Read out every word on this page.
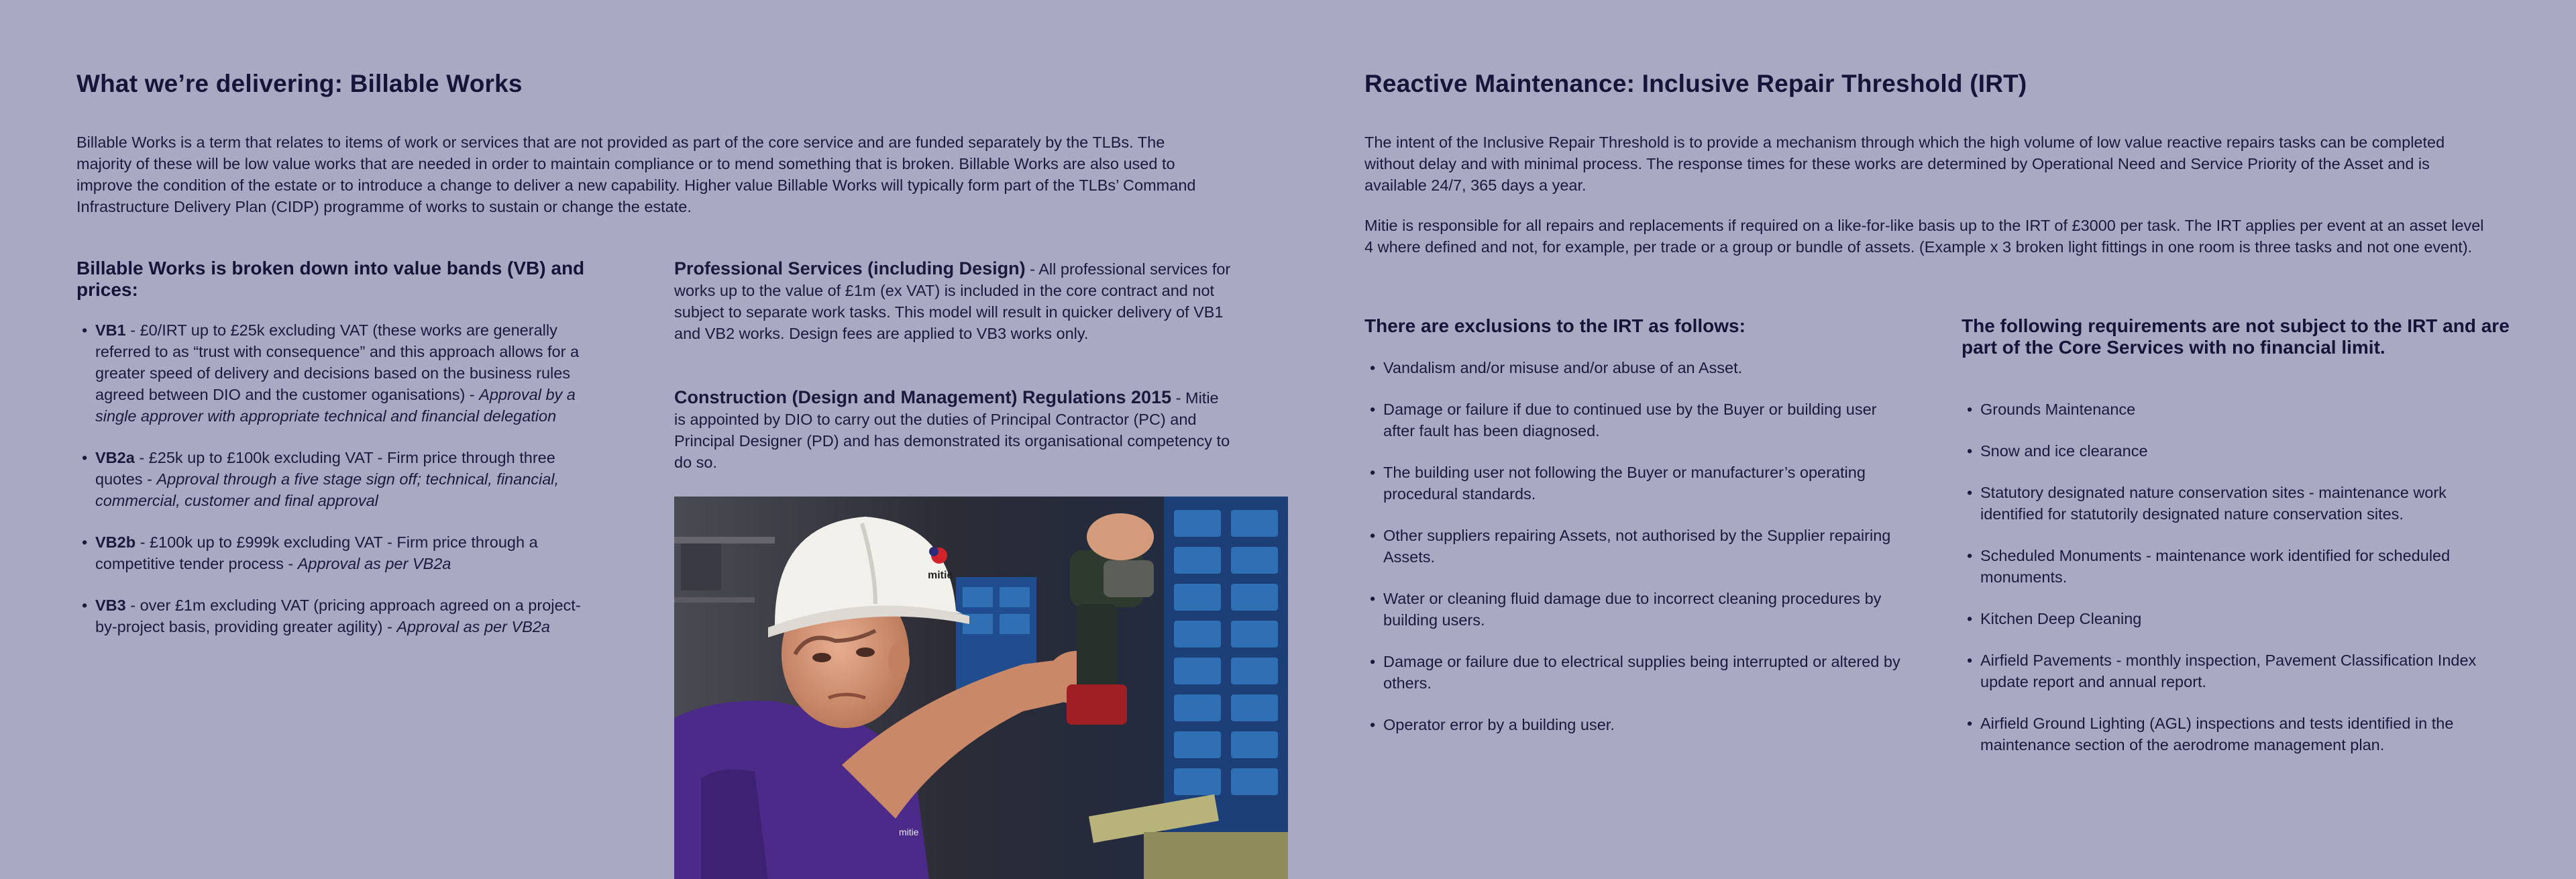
What we’re delivering: Billable Works

Billable Works is a term that relates to items of work or services that are not provided as part of the core service and are funded separately by the TLBs. The majority of these will be low value works that are needed in order to maintain compliance or to mend something that is broken. Billable Works are also used to improve the condition of the estate or to introduce a change to deliver a new capability. Higher value Billable Works will typically form part of the TLBs’ Command Infrastructure Delivery Plan (CIDP) programme of works to sustain or change the estate.

Billable Works is broken down into value bands (VB) and prices:
• VB1 - £0/IRT up to £25k excluding VAT (these works are generally referred to as “trust with consequence” and this approach allows for a greater speed of delivery and decisions based on the business rules agreed between DIO and the customer oganisations) - Approval by a single approver with appropriate technical and financial delegation
• VB2a - £25k up to £100k excluding VAT - Firm price through three quotes - Approval through a five stage sign off; technical, financial, commercial, customer and final approval
• VB2b - £100k up to £999k excluding VAT - Firm price through a competitive tender process - Approval as per VB2a
• VB3 - over £1m excluding VAT (pricing approach agreed on a project-by-project basis, providing greater agility) - Approval as per VB2a

Professional Services (including Design) - All professional services for works up to the value of £1m (ex VAT) is included in the core contract and not subject to separate work tasks. This model will result in quicker delivery of VB1 and VB2 works. Design fees are applied to VB3 works only.

Construction (Design and Management) Regulations 2015 - Mitie is appointed by DIO to carry out the duties of Principal Contractor (PC) and Principal Designer (PD) and has demonstrated its organisational competency to do so.

mitie
mitie
Reactive Maintenance: Inclusive Repair Threshold (IRT)

The intent of the Inclusive Repair Threshold is to provide a mechanism through which the high volume of low value reactive repairs tasks can be completed without delay and with minimal process. The response times for these works are determined by Operational Need and Service Priority of the Asset and is available 24/7, 365 days a year.

Mitie is responsible for all repairs and replacements if required on a like-for-like basis up to the IRT of £3000 per task. The IRT applies per event at an asset level 4 where defined and not, for example, per trade or a group or bundle of assets. (Example x 3 broken light fittings in one room is three tasks and not one event).

There are exclusions to the IRT as follows:
• Vandalism and/or misuse and/or abuse of an Asset.
• Damage or failure if due to continued use by the Buyer or building user after fault has been diagnosed.
• The building user not following the Buyer or manufacturer’s operating procedural standards.
• Other suppliers repairing Assets, not authorised by the Supplier repairing Assets.
• Water or cleaning fluid damage due to incorrect cleaning procedures by building users.
• Damage or failure due to electrical supplies being interrupted or altered by others.
• Operator error by a building user.
The following requirements are not subject to the IRT and are part of the Core Services with no financial limit.
• Grounds Maintenance
• Snow and ice clearance
• Statutory designated nature conservation sites - maintenance work identified for statutorily designated nature conservation sites.
• Scheduled Monuments - maintenance work identified for scheduled monuments.
• Kitchen Deep Cleaning
• Airfield Pavements - monthly inspection, Pavement Classification Index update report and annual report.
• Airfield Ground Lighting (AGL) inspections and tests identified in the maintenance section of the aerodrome management plan.
